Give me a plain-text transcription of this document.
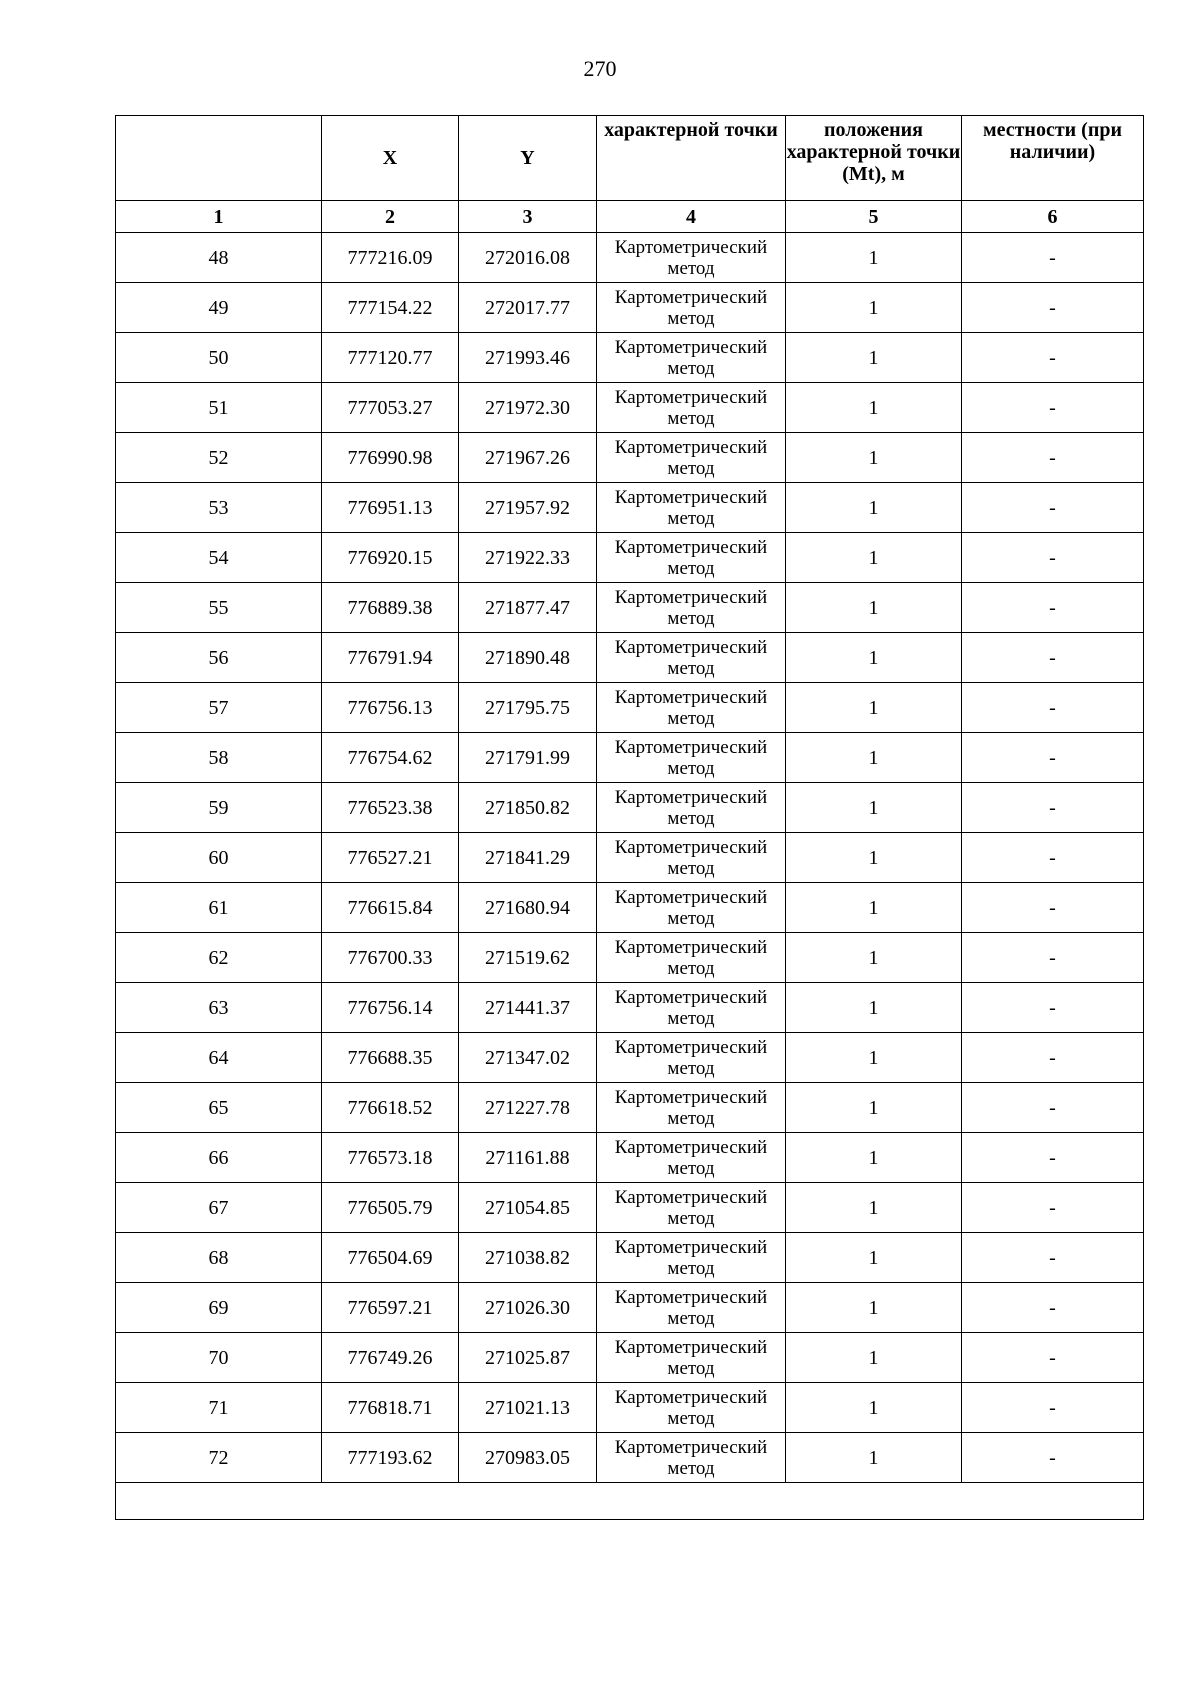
270
	X	Y	характерной точки	положения характерной точки (Mt), м	местности (при наличии)
1	2	3	4	5	6
48	777216.09	272016.08	Картометрический метод	1	-
49	777154.22	272017.77	Картометрический метод	1	-
50	777120.77	271993.46	Картометрический метод	1	-
51	777053.27	271972.30	Картометрический метод	1	-
52	776990.98	271967.26	Картометрический метод	1	-
53	776951.13	271957.92	Картометрический метод	1	-
54	776920.15	271922.33	Картометрический метод	1	-
55	776889.38	271877.47	Картометрический метод	1	-
56	776791.94	271890.48	Картометрический метод	1	-
57	776756.13	271795.75	Картометрический метод	1	-
58	776754.62	271791.99	Картометрический метод	1	-
59	776523.38	271850.82	Картометрический метод	1	-
60	776527.21	271841.29	Картометрический метод	1	-
61	776615.84	271680.94	Картометрический метод	1	-
62	776700.33	271519.62	Картометрический метод	1	-
63	776756.14	271441.37	Картометрический метод	1	-
64	776688.35	271347.02	Картометрический метод	1	-
65	776618.52	271227.78	Картометрический метод	1	-
66	776573.18	271161.88	Картометрический метод	1	-
67	776505.79	271054.85	Картометрический метод	1	-
68	776504.69	271038.82	Картометрический метод	1	-
69	776597.21	271026.30	Картометрический метод	1	-
70	776749.26	271025.87	Картометрический метод	1	-
71	776818.71	271021.13	Картометрический метод	1	-
72	777193.62	270983.05	Картометрический метод	1	-
